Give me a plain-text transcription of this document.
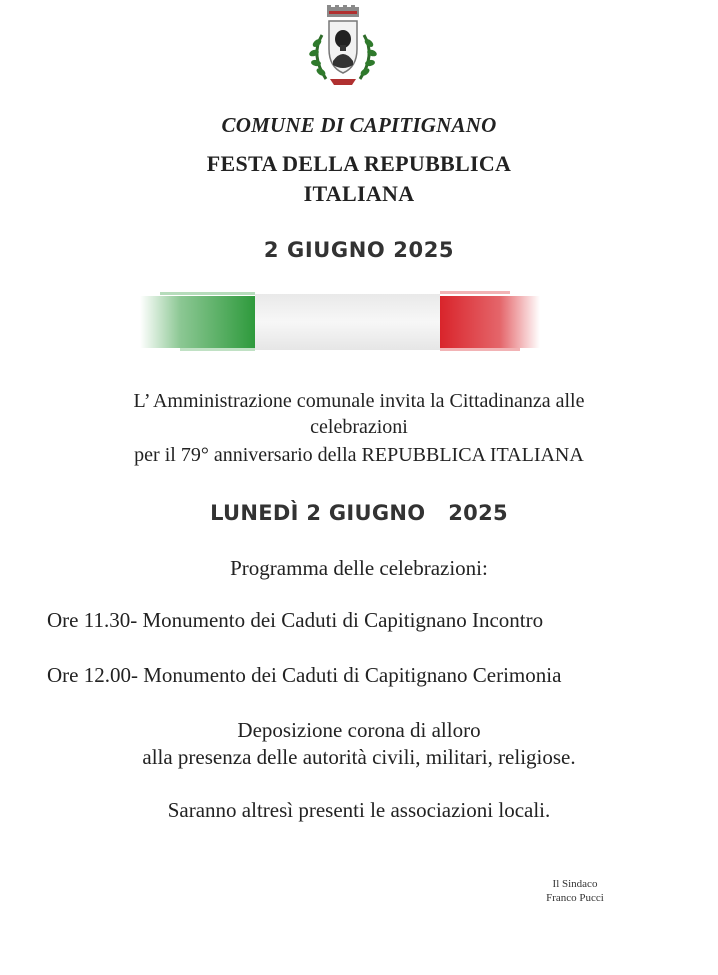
COMUNE DI CAPITIGNANO
FESTA DELLA REPUBBLICA
ITALIANA
2 GIUGNO 2025
L’ Amministrazione comunale invita la Cittadinanza alle
celebrazioni
per il 79° anniversario della REPUBBLICA ITALIANA
LUNEDÌ 2 GIUGNO   2025
Programma delle celebrazioni:
Ore 11.30- Monumento dei Caduti di Capitignano Incontro
Ore 12.00- Monumento dei Caduti di Capitignano Cerimonia
Deposizione corona di alloro
alla presenza delle autorità civili, militari, religiose.
Saranno altresì presenti le associazioni locali.
Il Sindaco
Franco Pucci
